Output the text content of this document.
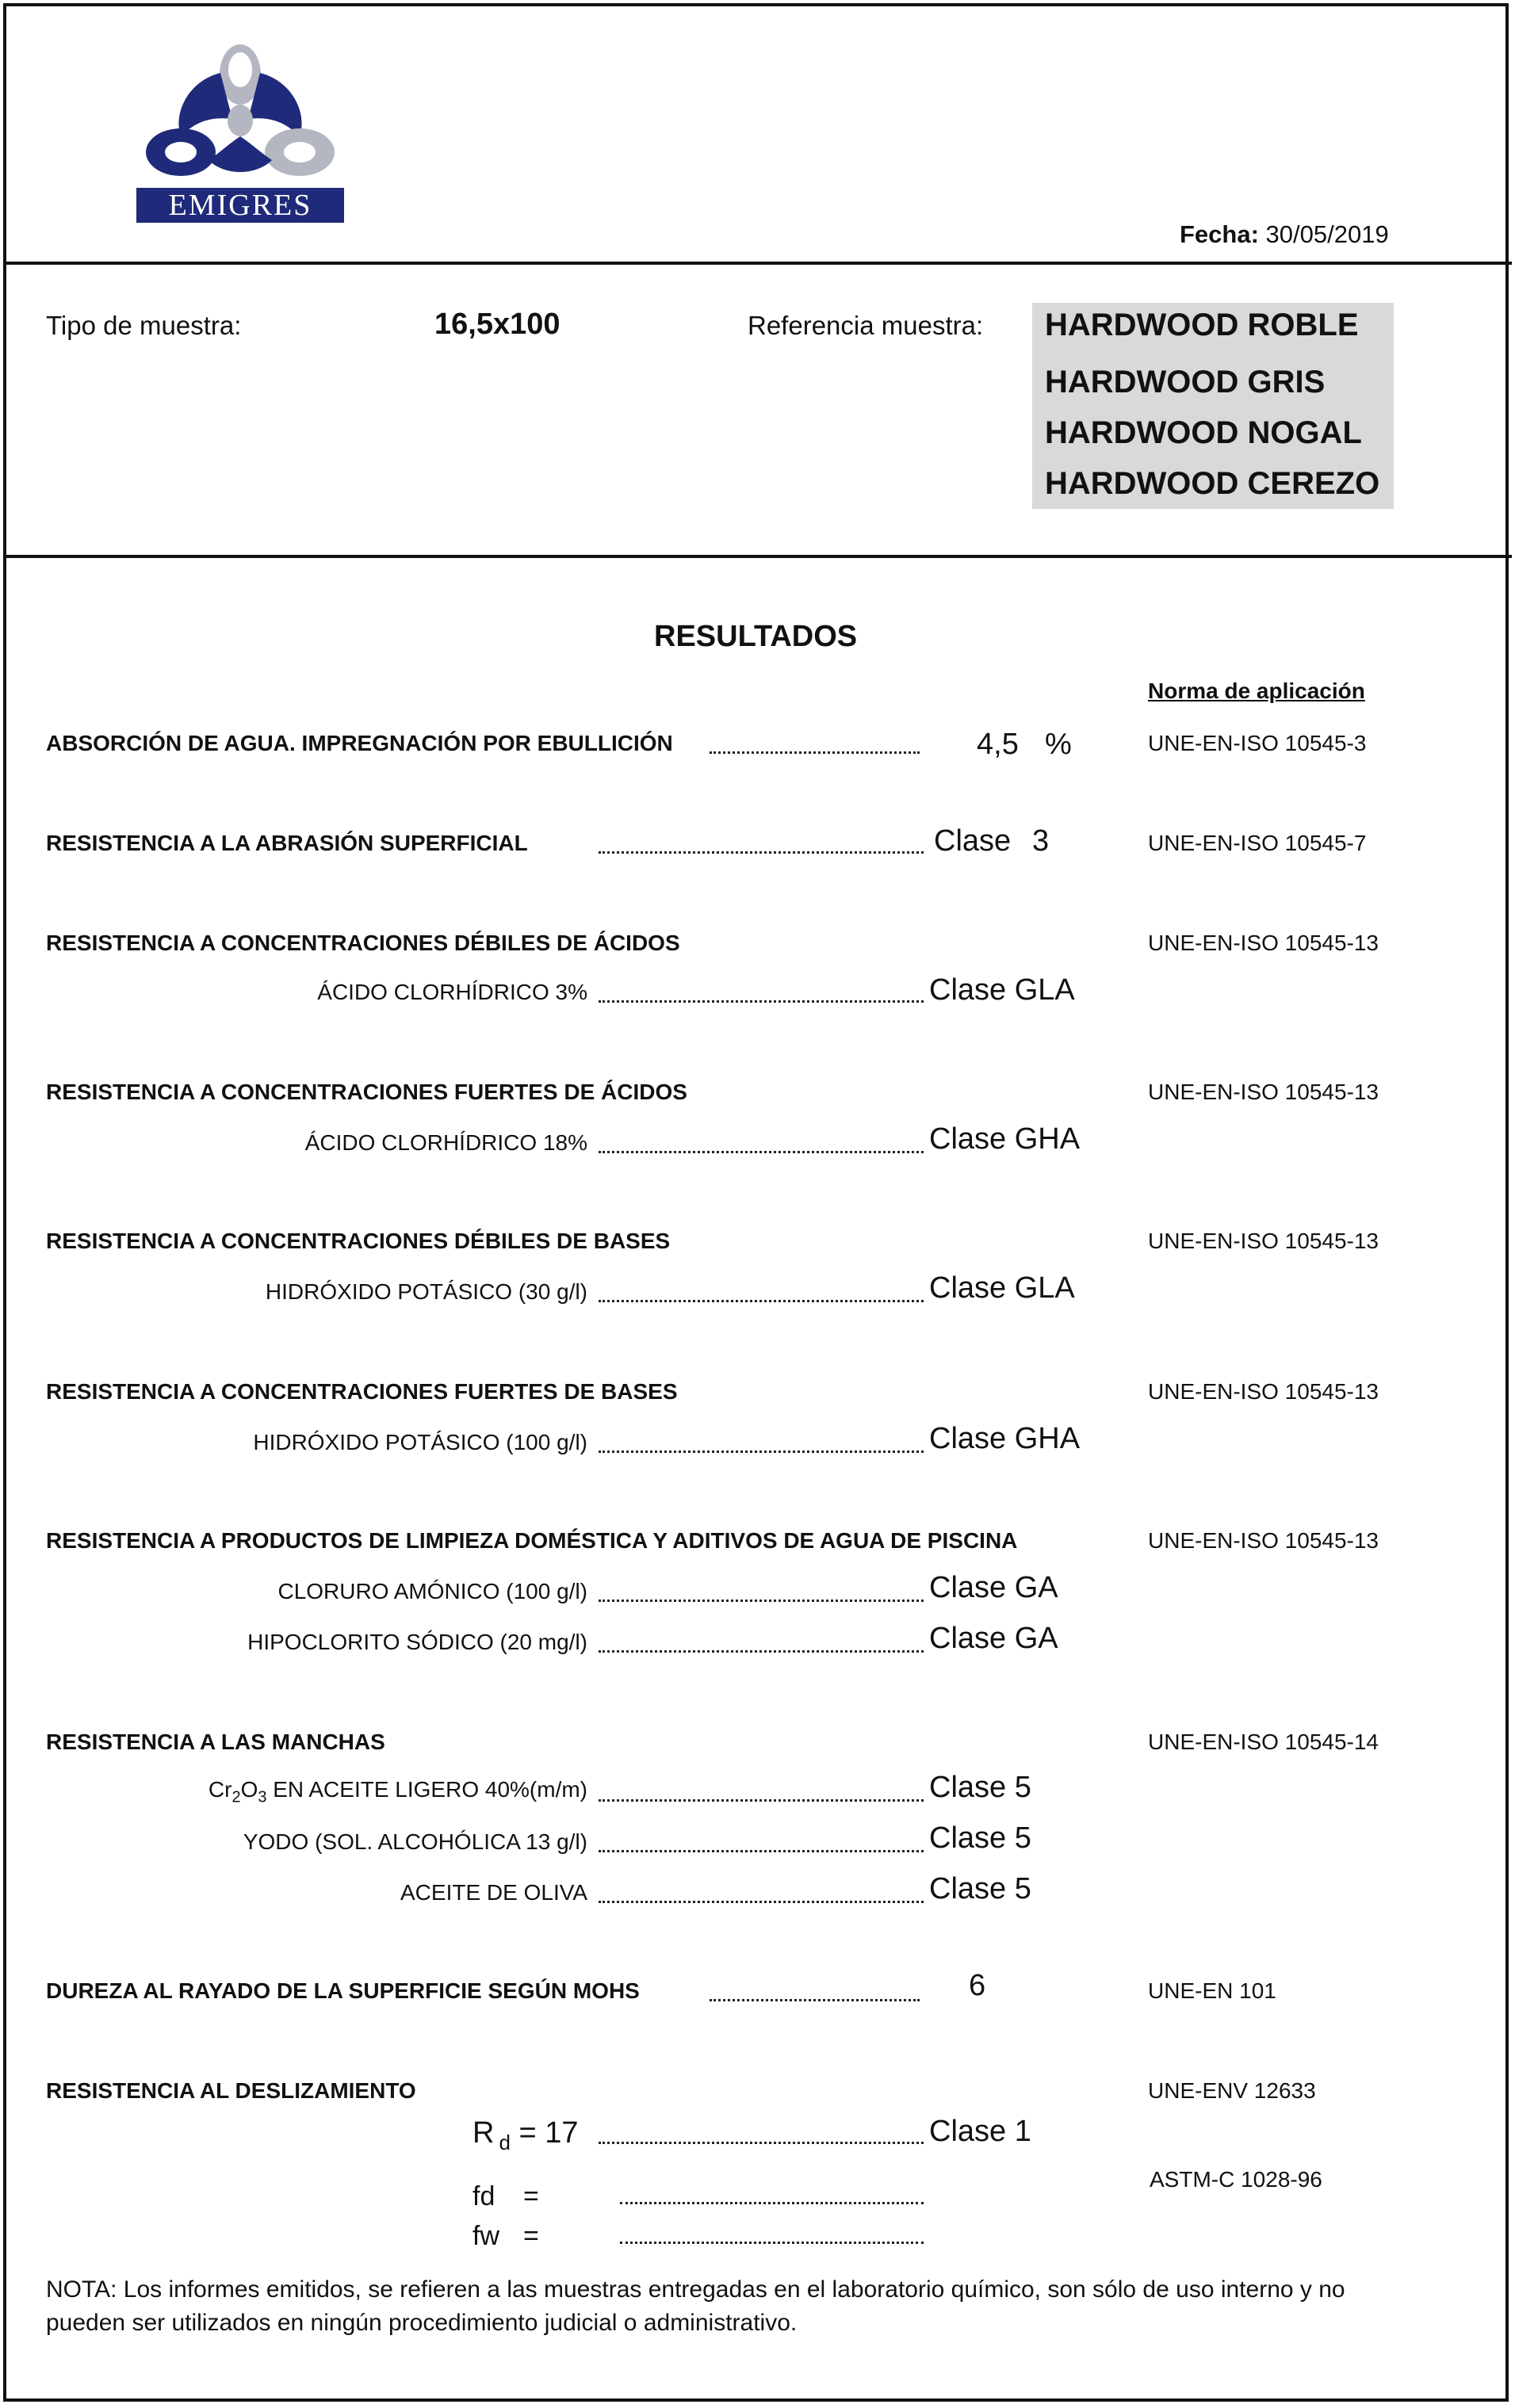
EMIGRES
Fecha: 30/05/2019
Tipo de muestra:	16,5x100	Referencia muestra: HARDWOOD ROBLE
HARDWOOD GRIS
HARDWOOD NOGAL
HARDWOOD CEREZO
RESULTADOS
Norma de aplicación
ABSORCIÓN DE AGUA. IMPREGNACIÓN POR EBULLICIÓN	4,5 %	UNE-EN-ISO 10545-3
RESISTENCIA A LA ABRASIÓN SUPERFICIAL	Clase 3	UNE-EN-ISO 10545-7
RESISTENCIA A CONCENTRACIONES DÉBILES DE ÁCIDOS	UNE-EN-ISO 10545-13
ÁCIDO CLORHÍDRICO 3%	Clase GLA
RESISTENCIA A CONCENTRACIONES FUERTES DE ÁCIDOS	UNE-EN-ISO 10545-13
ÁCIDO CLORHÍDRICO 18%	Clase GHA
RESISTENCIA A CONCENTRACIONES DÉBILES DE BASES	UNE-EN-ISO 10545-13
HIDRÓXIDO POTÁSICO (30 g/l)	Clase GLA
RESISTENCIA A CONCENTRACIONES FUERTES DE BASES	UNE-EN-ISO 10545-13
HIDRÓXIDO POTÁSICO (100 g/l)	Clase GHA
RESISTENCIA A PRODUCTOS DE LIMPIEZA DOMÉSTICA Y ADITIVOS DE AGUA DE PISCINA	UNE-EN-ISO 10545-13
CLORURO AMÓNICO (100 g/l)	Clase GA
HIPOCLORITO SÓDICO (20 mg/l)	Clase GA
RESISTENCIA A LAS MANCHAS	UNE-EN-ISO 10545-14
$Cr_2O_3$ EN ACEITE LIGERO 40%(m/m)	Clase 5
YODO (SOL. ALCOHÓLICA 13 g/l)	Clase 5
ACEITE DE OLIVA	Clase 5
DUREZA AL RAYADO DE LA SUPERFICIE SEGÚN MOHS	6	UNE-EN 101
RESISTENCIA AL DESLIZAMIENTO	UNE-ENV 12633
R $_d$ = 17	Clase 1
ASTM-C 1028-96
fd =
fw =
NOTA: Los informes emitidos, se refieren a las muestras entregadas en el laboratorio químico, son sólo de uso interno y no pueden ser utilizados en ningún procedimiento judicial o administrativo.
